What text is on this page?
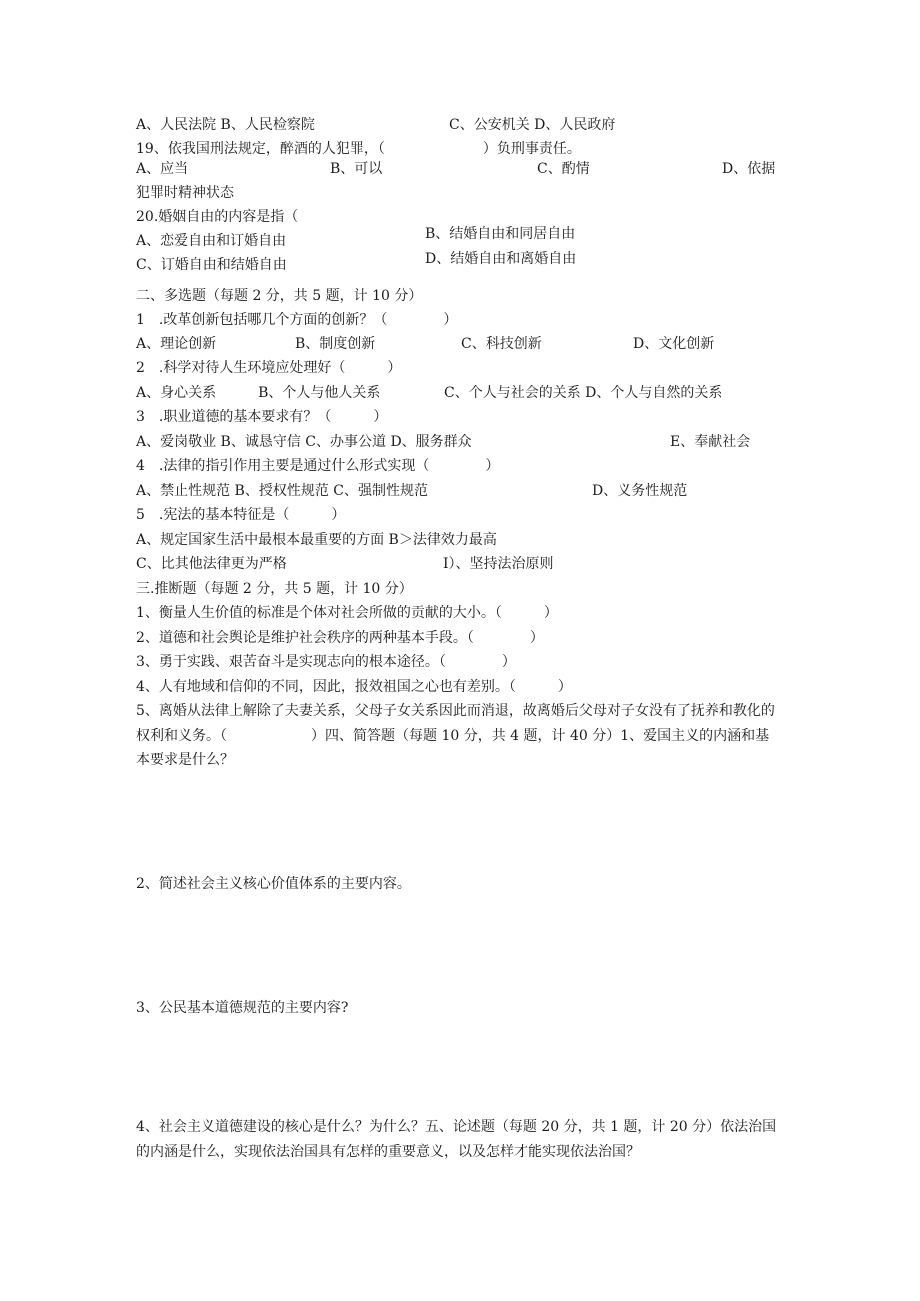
A、人民法院 B、人民检察院	C、公安机关 D、人民政府
19、依我国刑法规定，醉酒的人犯罪，（　　　　　　　）负刑事责任。
A、应当	B、可以	C、酌情	D、依据
犯罪时精神状态
20.婚姻自由的内容是指（
A、恋爱自由和订婚自由	B、结婚自由和同居自由
C、订婚自由和结婚自由	D、结婚自由和离婚自由
二、多选题（每题 2 分，共 5 题，计 10 分）
1　.改革创新包括哪几个方面的创新？（　　　　）
A、理论创新	B、制度创新	C、科技创新	D、文化创新
2　.科学对待人生环境应处理好（　　　）
A、身心关系　　　B、个人与他人关系	C、个人与社会的关系 D、个人与自然的关系
3　.职业道德的基本要求有？（　　　）
A、爱岗敬业 B、诚恳守信 C、办事公道 D、服务群众	E、奉献社会
4　.法律的指引作用主要是通过什么形式实现（　　　　）
A、禁止性规范 B、授权性规范 C、强制性规范	D、义务性规范
5　.宪法的基本特征是（　　　）
A、规定国家生活中最根本最重要的方面 B＞法律效力最高
C、比其他法律更为严格	I）、坚持法治原则
三.推断题（每题 2 分，共 5 题，计 10 分）
1、衡量人生价值的标准是个体对社会所做的贡献的大小。（　　　）
2、道德和社会舆论是维护社会秩序的两种基本手段。（　　　　）
3、勇于实践、艰苦奋斗是实现志向的根本途径。（　　　　）
4、人有地域和信仰的不同，因此，报效祖国之心也有差别。（　　　）
5、离婚从法律上解除了夫妻关系，父母子女关系因此而消退，故离婚后父母对子女没有了抚养和教化的权利和义务。（　　　　　　）四、简答题（每题 10 分，共 4 题，计 40 分）1、爱国主义的内涵和基本要求是什么？
2、简述社会主义核心价值体系的主要内容。
3、公民基本道德规范的主要内容?
4、社会主义道德建设的核心是什么？为什么？五、论述题（每题 20 分，共 1 题，计 20 分）依法治国的内涵是什么，实现依法治国具有怎样的重要意义，以及怎样才能实现依法治国？
